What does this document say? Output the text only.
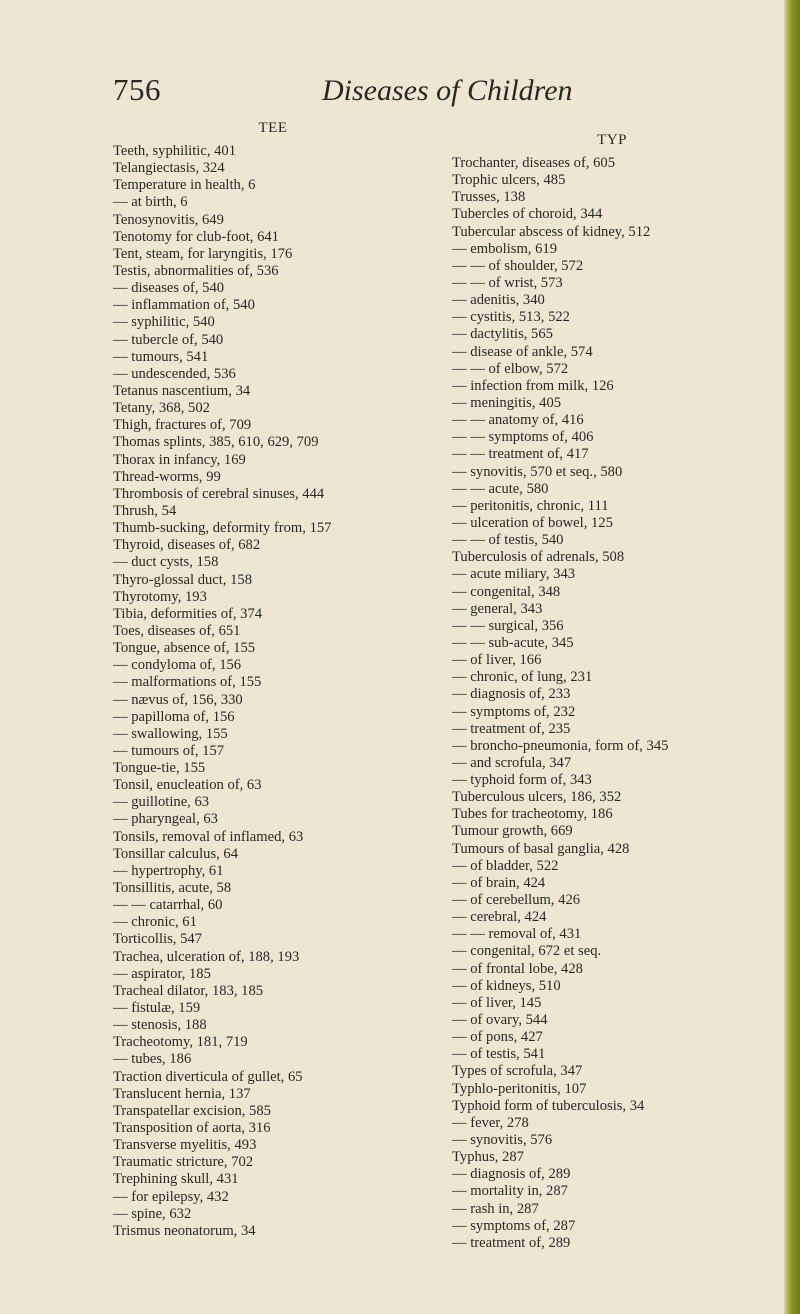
756	Diseases of Children
TEE
Teeth, syphilitic, 401
Telangiectasis, 324
Temperature in health, 6
— at birth, 6
Tenosynovitis, 649
Tenotomy for club-foot, 641
Tent, steam, for laryngitis, 176
Testis, abnormalities of, 536
— diseases of, 540
— inflammation of, 540
— syphilitic, 540
— tubercle of, 540
— tumours, 541
— undescended, 536
Tetanus nascentium, 34
Tetany, 368, 502
Thigh, fractures of, 709
Thomas splints, 385, 610, 629, 709
Thorax in infancy, 169
Thread-worms, 99
Thrombosis of cerebral sinuses, 444
Thrush, 54
Thumb-sucking, deformity from, 157
Thyroid, diseases of, 682
— duct cysts, 158
Thyro-glossal duct, 158
Thyrotomy, 193
Tibia, deformities of, 374
Toes, diseases of, 651
Tongue, absence of, 155
— condyloma of, 156
— malformations of, 155
— nævus of, 156, 330
— papilloma of, 156
— swallowing, 155
— tumours of, 157
Tongue-tie, 155
Tonsil, enucleation of, 63
— guillotine, 63
— pharyngeal, 63
Tonsils, removal of inflamed, 63
Tonsillar calculus, 64
— hypertrophy, 61
Tonsillitis, acute, 58
— — catarrhal, 60
— chronic, 61
Torticollis, 547
Trachea, ulceration of, 188, 193
— aspirator, 185
Tracheal dilator, 183, 185
— fistulæ, 159
— stenosis, 188
Tracheotomy, 181, 719
— tubes, 186
Traction diverticula of gullet, 65
Translucent hernia, 137
Transpatellar excision, 585
Transposition of aorta, 316
Transverse myelitis, 493
Traumatic stricture, 702
Trephining skull, 431
— for epilepsy, 432
— spine, 632
Trismus neonatorum, 34
TYP
Trochanter, diseases of, 605
Trophic ulcers, 485
Trusses, 138
Tubercles of choroid, 344
Tubercular abscess of kidney, 512
— embolism, 619
— — of shoulder, 572
— — of wrist, 573
— adenitis, 340
— cystitis, 513, 522
— dactylitis, 565
— disease of ankle, 574
— — of elbow, 572
— infection from milk, 126
— meningitis, 405
— — anatomy of, 416
— — symptoms of, 406
— — treatment of, 417
— synovitis, 570 et seq., 580
— — acute, 580
— peritonitis, chronic, 111
— ulceration of bowel, 125
— — of testis, 540
Tuberculosis of adrenals, 508
— acute miliary, 343
— congenital, 348
— general, 343
— — surgical, 356
— — sub-acute, 345
— of liver, 166
— chronic, of lung, 231
— diagnosis of, 233
— symptoms of, 232
— treatment of, 235
— broncho-pneumonia, form of, 345
— and scrofula, 347
— typhoid form of, 343
Tuberculous ulcers, 186, 352
Tubes for tracheotomy, 186
Tumour growth, 669
Tumours of basal ganglia, 428
— of bladder, 522
— of brain, 424
— of cerebellum, 426
— cerebral, 424
— — removal of, 431
— congenital, 672 et seq.
— of frontal lobe, 428
— of kidneys, 510
— of liver, 145
— of ovary, 544
— of pons, 427
— of testis, 541
Types of scrofula, 347
Typhlo-peritonitis, 107
Typhoid form of tuberculosis, 34
— fever, 278
— synovitis, 576
Typhus, 287
— diagnosis of, 289
— mortality in, 287
— rash in, 287
— symptoms of, 287
— treatment of, 289
